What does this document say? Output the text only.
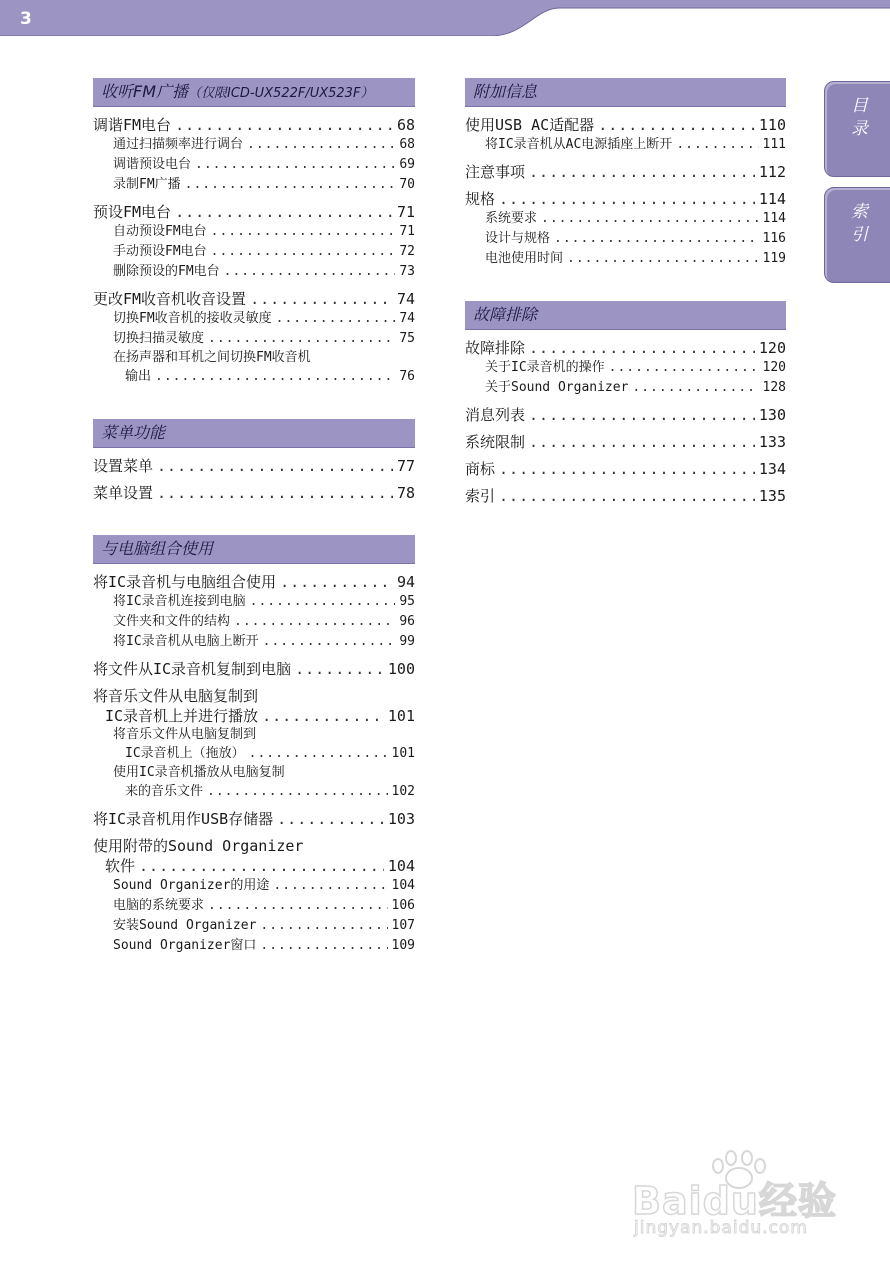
3
目录
索引
收听FM广播（仅限ICD-UX522F/UX523F）
调谐FM电台 .....	68
通过扫描频率进行调台 .....	68
调谐预设电台 .....	69
录制FM广播 .....	70
预设FM电台 .....	71
自动预设FM电台 .....	71
手动预设FM电台 .....	72
删除预设的FM电台 .....	73
更改FM收音机收音设置 .....	74
切换FM收音机的接收灵敏度 .....	74
切换扫描灵敏度 .....	75
在扬声器和耳机之间切换FM收音机
输出 .....	76
菜单功能
设置菜单 .....	77
菜单设置 .....	78
与电脑组合使用
将IC录音机与电脑组合使用 .....	94
将IC录音机连接到电脑 .....	95
文件夹和文件的结构 .....	96
将IC录音机从电脑上断开 .....	99
将文件从IC录音机复制到电脑 .....	100
将音乐文件从电脑复制到
IC录音机上并进行播放 .....	101
将音乐文件从电脑复制到
IC录音机上（拖放） .....	101
使用IC录音机播放从电脑复制
来的音乐文件 .....	102
将IC录音机用作USB存储器 .....	103
使用附带的Sound Organizer
软件 .....	104
Sound Organizer的用途 .....	104
电脑的系统要求 .....	106
安装Sound Organizer .....	107
Sound Organizer窗口 .....	109
附加信息
使用USB AC适配器 .....	110
将IC录音机从AC电源插座上断开 .....	111
注意事项 .....	112
规格 .....	114
系统要求 .....	114
设计与规格 .....	116
电池使用时间 .....	119
故障排除
故障排除 .....	120
关于IC录音机的操作 .....	120
关于Sound Organizer .....	128
消息列表 .....	130
系统限制 .....	133
商标 .....	134
索引 .....	135
Baidu经验
jingyan.baidu.com
